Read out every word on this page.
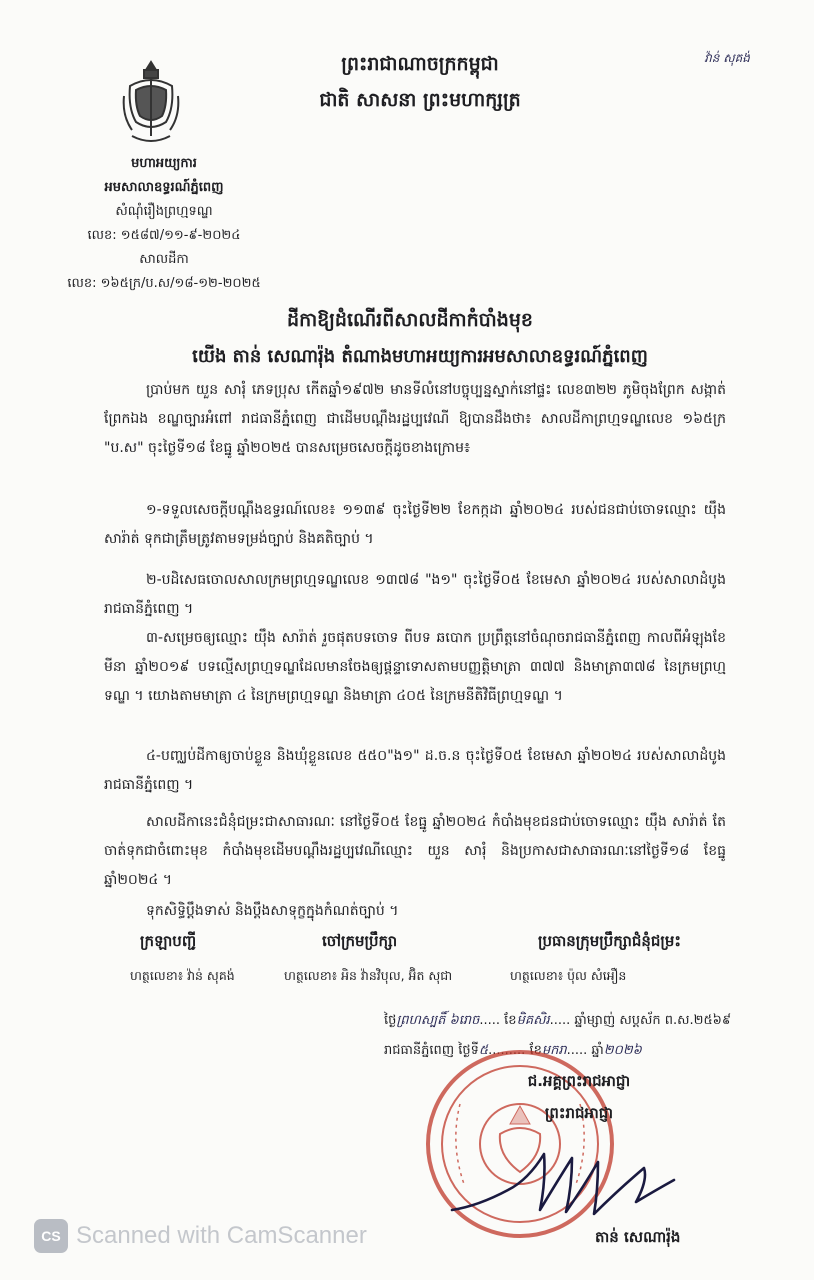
ព្រះរាជាណាចក្រកម្ពុជា
ជាតិ សាសនា ព្រះមហាក្សត្រ
វ៉ាន់ សុគង់
មហាអយ្យការ
អមសាលាឧទ្ធរណ៍ភ្នំពេញ
សំណុំរឿងព្រហ្មទណ្ឌ
លេខ: ១៥៨៧/១១-៩-២០២៤
សាលដីកា
លេខ: ១៦៥ក្រ/ប.ស/១៨-១២-២០២៥
ដីកាឱ្យដំណើរពីសាលដីកាកំបាំងមុខ
យើង តាន់ សេណារ៉ុង តំណាងមហាអយ្យការអមសាលាឧទ្ធរណ៍ភ្នំពេញ

ប្រាប់មក យួន សារុំ ភេទប្រុស កើតឆ្នាំ១៩៧២ មានទីលំនៅបច្ចុប្បន្នស្នាក់នៅផ្ទះ លេខ៣២២ ភូមិចុងព្រែក សង្កាត់ព្រែកឯង ខណ្ឌច្បារអំពៅ រាជធានីភ្នំពេញ ជាដើមបណ្ដឹងរដ្ឋប្បវេណី ឱ្យបានដឹងថា៖ សាលដីកាព្រហ្មទណ្ឌលេខ ១៦៥ក្រ "ប.ស" ចុះថ្ងៃទី១៨ ខែធ្នូ ឆ្នាំ២០២៥ បានសម្រេចសេចក្ដីដូចខាងក្រោម៖

១-ទទួលសេចក្ដីបណ្ដឹងឧទ្ធរណ៍លេខ៖ ១១៣៩ ចុះថ្ងៃទី២២ ខែកក្កដា ឆ្នាំ២០២៤ របស់ជនជាប់ចោទឈ្មោះ យ៉ឹង សារ៉ាត់ ទុកជាត្រឹមត្រូវតាមទម្រង់ច្បាប់ និងគតិច្បាប់ ។

២-បដិសេធចោលសាលក្រមព្រហ្មទណ្ឌលេខ ១៣៧៨ "ង១" ចុះថ្ងៃទី០៥ ខែមេសា ឆ្នាំ២០២៤ របស់សាលាដំបូងរាជធានីភ្នំពេញ ។

៣-សម្រេចឲ្យឈ្មោះ យ៉ឹង សារ៉ាត់ រួចផុតបទចោទ ពីបទ ឆបោក ប្រព្រឹត្តនៅចំណុចរាជធានីភ្នំពេញ កាលពីអំឡុងខែមីនា ឆ្នាំ២០១៩ បទល្មើសព្រហ្មទណ្ឌដែលមានចែងឲ្យផ្ដន្ទាទោសតាមបញ្ញត្តិមាត្រា ៣៧៧ និងមាត្រា៣៧៨ នៃក្រមព្រហ្មទណ្ឌ ។ យោងតាមមាត្រា ៤ នៃក្រមព្រហ្មទណ្ឌ និងមាត្រា ៤០៥ នៃក្រមនីតិវិធីព្រហ្មទណ្ឌ ។

៤-បញ្ឈប់ដីកាឲ្យចាប់ខ្លួន និងឃុំខ្លួនលេខ ៥៥០"ង១" ដ.ច.ន ចុះថ្ងៃទី០៥ ខែមេសា ឆ្នាំ២០២៤ របស់សាលាដំបូងរាជធានីភ្នំពេញ ។

សាលដីកានេះជំនុំជម្រះជាសាធារណៈ នៅថ្ងៃទី០៥ ខែធ្នូ ឆ្នាំ២០២៤ កំបាំងមុខជនជាប់ចោទឈ្មោះ យ៉ឹង សារ៉ាត់ តែចាត់ទុកជាចំពោះមុខ កំបាំងមុខដើមបណ្ដឹងរដ្ឋប្បវេណីឈ្មោះ យួន សារុំ និងប្រកាសជាសាធារណៈនៅថ្ងៃទី១៨ ខែធ្នូ ឆ្នាំ២០២៤ ។

ទុកសិទ្ធិប្ដឹងទាស់ និងប្ដឹងសាទុក្ខក្នុងកំណត់ច្បាប់ ។

ក្រឡាបញ្ជី	ចៅក្រមប្រឹក្សា	ប្រធានក្រុមប្រឹក្សាជំនុំជម្រះ
ហត្ថលេខា៖ វ៉ាន់ សុគង់	ហត្ថលេខា៖ អិន វ៉ានវិបុល, អ៊ិត សុជា	ហត្ថលេខា៖ ប៉ុល សំអឿន
ថ្ងៃព្រហស្បតិ៍ ៦រោច..... ខែមិគសិរ..... ឆ្នាំម្សាញ់ សប្តស័ក ព.ស.២៥៦៩
រាជធានីភ្នំពេញ ថ្ងៃទី៥......... ខែមករា..... ឆ្នាំ២០២៦
ជ.អគ្គព្រះរាជអាជ្ញា
ព្រះរាជអាជ្ញា
តាន់ សេណារ៉ុង
CS Scanned with CamScanner
